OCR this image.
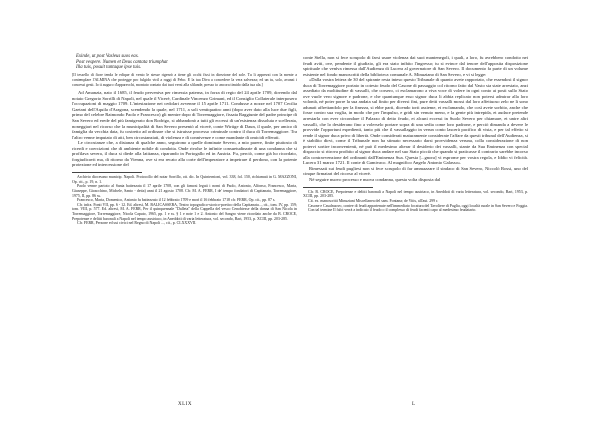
Exinde, ut post Vasleus suos eas.
Post vespere. Numen et Deus cantata triumphat
Illa tuis, posuit tantaque ipse tuis.

[Il tessello di fiore tenda le edique di vento le stesse rigenrò a tiene gli occhi fissi in direzione del sole. Tu li apprezzi con la mente a contemplare l'ALMINA che protegge pro fulgido viril a raggi di Febo. E la tua Diva a concedere la vera salvezza; ed un tu, solo, avanzi i concessi gesti. Io ti auguro d'apparecchi, montato contato dai tuoi versi alla sfilande, presso io ancora timido dalla tua ala.]

Ad Amanzia, nato il 1685, il feudo perveniva per rimessia paterna, in forza di regio del 24 aprile 1709, dovendo dal notaio Gregorio Sorrilli di Napoli, nel quale il Vicerè, Cardinale Vincenzo Grimani, ed il Consiglio Collaterale interposero l'occupazioni di maggio 1709. L'intestazione nei cedolari avvenne il 15 aprile 1711. Condusse a nozze nel 1707 Cecilia Gaetani dell'Aquila d'Aragona, scendendo la quale, nel 1711, a soli ventiquattro anni (dopo aver dato alla luce due figli, primo del celebre Raimondo Paolo e Francesco) gli mentre dopo di Torremaggiore, fissata Raggiunte del padre principe di San Severo ed erede del più famigerato don Rodrigo, si abbandonò a tutti gli eccessi di un'esistenza dissoluta e scellerata, noneggiari nel ricorso che la municipalità di San Severo presentò al vicerè, conte Wirtige di Daun, il quale, per amico di famiglia da vecchia data, fu costretto ad ordinare che si istruisse processo criminale contro il duca di Torremaggiore. Tra l'altro venne imputato di atti, ben circostanziati, di violenza e di connivenze e come mandante di omicidi efferati.

Le circostanze che, a distanza di qualche anno, seguirono a quelle dominate Severo, a mio parere, finite piuttosto di ricerdi e coercizioni che di ambiente nobile di condotta. Onde rivolse le infinite consuetudinarie di una condanna che si profilava severa, il duca si diede alla latitanza, riparando in Portogallo ed in Austria. Fu, perciò, come già ho ricordato, forgiudicavit ma, di ritorno da Vienna, ove si era recato alla corte dell'imperatore a impetrare il perdono, con la potente protezione ed intercessione del

Archivio diocesano municip. Napoli. Protocollo del notar Sorrillo, ott. dic. In Quinternioni, vol. 338, fol. 150, richiamati in G. MAZZONI, Op. cit., p. 19, n. 1.

Paolo venne partoto al Santa battezzata il 17 aprile 1708, con gli famosi legati i nomi di Paolo, Antonio, Alfonso, Francesco, Maria, Giuseppe, Gioacchino, Michele, Santo - detta) anni il 21 agosto 1708. Cfr. M. A. FERR, I de' tempo fondatori di Capitanata, Torremaggiore, 1975, II, pp. 86 ss.

Francesco, Maria, Domenico, Antonio fu battezzato il 12 febbraio 1709 e morì il 16 febbraio 1718 cfr. FERR, Op. cit., pp. 87 s.

Cfr. infra. Fonti VII, pp. 6 - 12. Ed. altresì, M. BALICASSERA, Teatro topografico-storico-poetico della Capitanata..., cit., tom. IV, pp. 159; tom. VIII, p. 577. Ed. altresì, M. A. FERR, Per il quinquennale "Dalleta" della Cappella del vesco Cenobiesse della donna di San Nicola in Torremaggiore, Torremaggiore, Nicola Caputo, 1965, pp. 1 e ss. § 1 e note 1 e 2. Antonio del Sangro viene ricordato anche da B. CROCE, Prepotenze e delitti baronali a Napoli nel tempo austriaco, in Aneddoti di varia letteratura, vol. secondo, Bari, 1953, p. XCIII, pp. 203-285.

Cfr. FERR, Persone ed usi civici nel Regno di Napoli ..., cit., p. CLXXXVII.

XLIX

conte Stella, non si fece scrupolo di farsi usare violenza dai suoi mantenegoli, i quali, a loro, fu avrebbero condotto nei feudi aviti, ove, pendente il giudizio, gli era stato inibito l'ingresso; tu si evince dal tenore dell'apposita disposizione spirituale che venìva rimessa dall'Audienza di Lucera al governatore di San Severo. Il documento fa parte di un volume esistente nel fondo manoscritti della biblioteca comunale A. Minuziano di San Severo, e vi si legge:

«Dalla vostra lettera de 30 del spirante resta inteso questo Tribunale di quanto avete rapportato, che essendosi il signor duca di Torremaggiore portato in cotesto feudo del Casone di passaggio col ritorno fatto dal Vasto sia state arrestato, anzi assediato da moltitudine di vassalli, che corsero, ci esclamarono a viva voce di volere in ogni conto ai posti sullo Stato ove vuole vero signore e padrone, e che quantunque esso signor duca li abbia replicato non potersi admirar alla loro volontà, né poter porre la sua andata sul finito per diversi fini, pure detti vassalli mossi dal loro affettuoso zelo ne li sono adunati affrettandolo per la finezza, si ebbe parti, dicendo torti assieme, et esclamando, che così avete sorbito, anche che fosse contro sua voglia, in modo che per l'impulso, e gridi sin venuto meno, e la gente più intrepida, et audace pretende arrestarla con ever circondare il Palazzo di detto feudo, et alcuni eccessi in Suolo Severo per chiamare, et unire altri vassalli, che lo desiderano fino a volerselo portare sopra di una sedia come loro padrone, e perciò dimanda a devere le provvide l'opportuni espedienti, tanto più che il vassallaggio in verun conto lascerà pacifico di vista, e per tal effetto si rende il signor duca privo di libertà. Onde considerati maturamente considerate l'affare da questi tribunal dell'Audienza, si è stabilito dirvi, come il Tribunale non ha stimato necessario darsi provvidenza veruna, colla considerazione di non potervi sortire inconvenienti, né può il medesimo alterar il desiderio dei vassalli, stante da Sua Eminenza con special dispaccio si ritrova proibito al signor duca andare nel suo Stato piccià che quando si praticasse il contrario sarebbe incorso alla contravvenzione del ordinanti dall'Eminenza Sua. Questa [...gnora] vi esprome per vostra regola, e Iddio vi felicità. Lucera 31 marzo 1721. Il conte di Gamivaco. Al magnifico Angelo Antonio Galasso».

Rimessati sui feudi pugliesi non si fece scrupolo di far ammazzare il sindaco di San Severo, Niccolò Rossi, uno del cinque firmatari del ricorso al vicerè.

Né seguire nuovo processo e nuova condanna, questa volta disposta dal

Cfr. B. CROCE, Prepotenze e delitti baronali a Napoli nel tempo austriaco, in Aneddoti di varia letteratura, vol. secondo, Bari, 1953, p. XCIII, pp. 203-285.

Cit. ex. manoscritti Minuziani Miscellanea del sam. Fontana; de Vitis, all'aut. 299 r.

Casone e Casalnuovo, contee di feudi appartenute nell'immediato focatura del Tavoliere di Puglia, oggi localtà rurale in San Severo e Foggia.

Con tal termine Il falci verrà a indicato il feudo o il complesso di feudi facenti capo al medesimo feudatario.

L
